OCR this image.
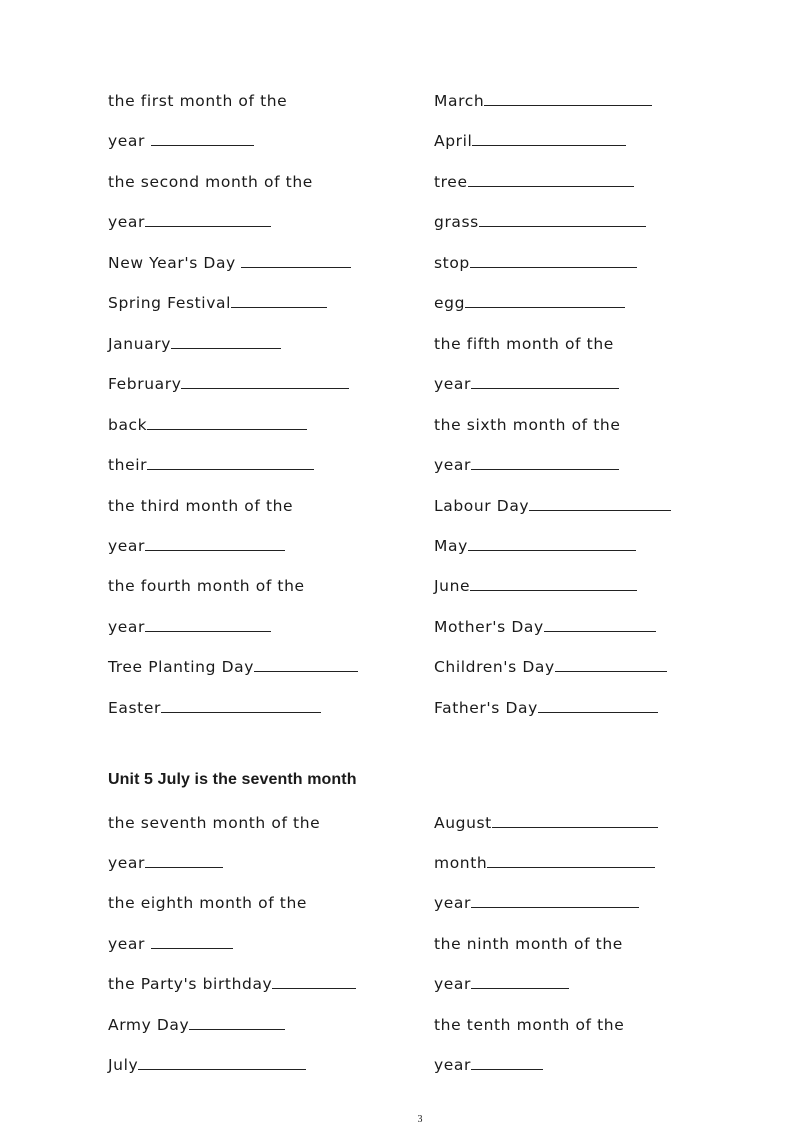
the first month of the
year
the second month of the
year
New Year's Day
Spring Festival
January
February
back
their
the third month of the
year
the fourth month of the
year
Tree Planting Day
Easter
March
April
tree
grass
stop
egg
the fifth month of the
year
the sixth month of the
year
Labour Day
May
June
Mother's Day
Children's Day
Father's Day
Unit 5 July is the seventh month
the seventh month of the
year
the eighth month of the
year
the Party's birthday
Army Day
July
August
month
year
the ninth month of the
year
the tenth month of the
year
3
